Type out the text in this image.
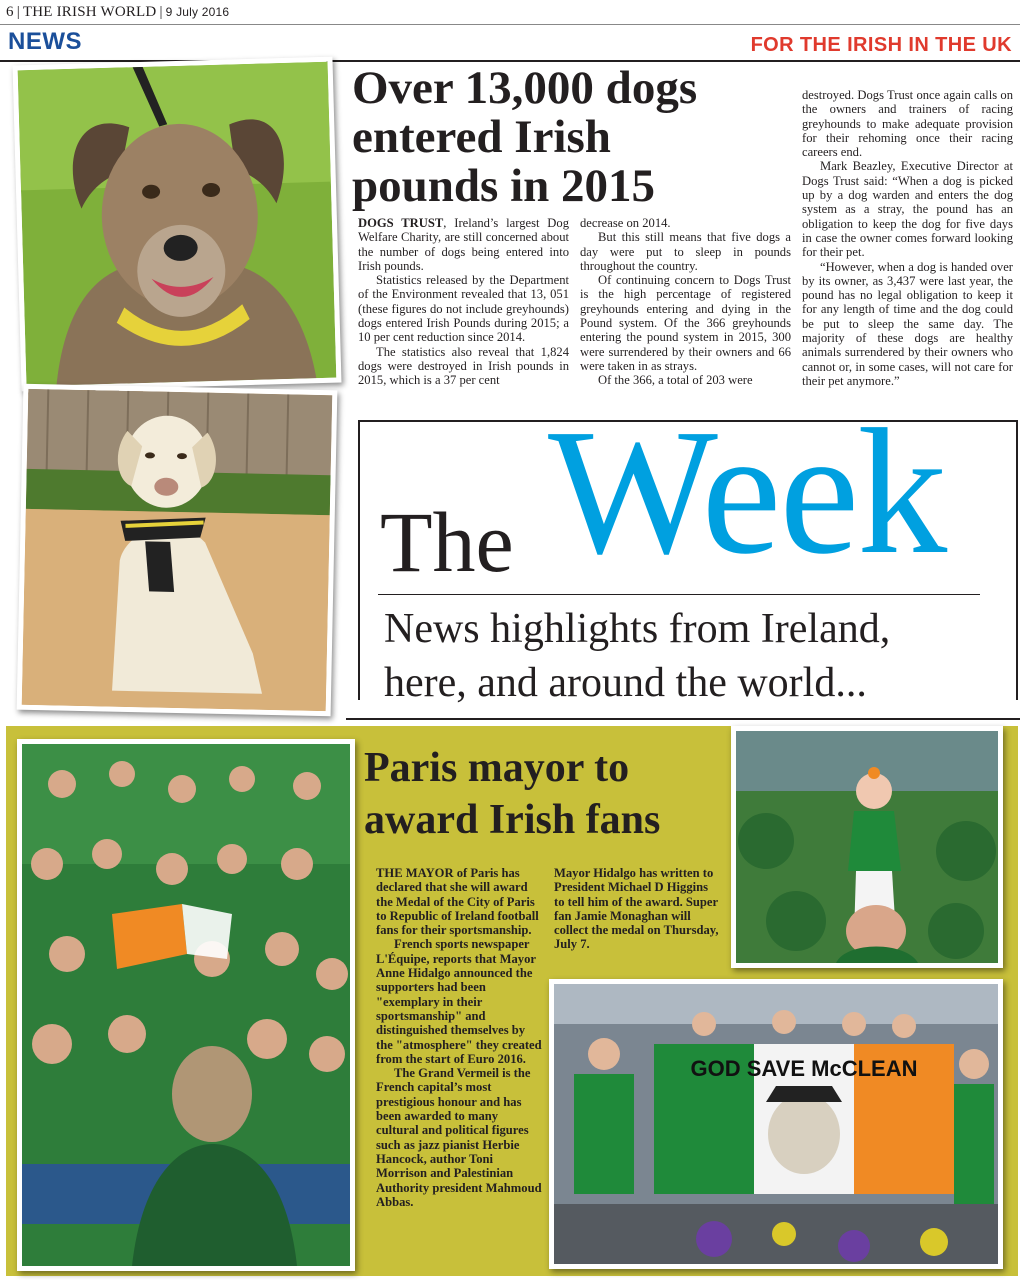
6 | THE IRISH WORLD | 9 July 2016
NEWS	FOR THE IRISH IN THE UK
Over 13,000 dogs
entered Irish
pounds in 2015

DOGS TRUST, Ireland’s largest Dog Welfare Charity, are still concerned about the number of dogs being entered into Irish pounds.

Statistics released by the Department of the Environment revealed that 13, 051 (these figures do not include greyhounds) dogs entered Irish Pounds during 2015; a 10 per cent reduction since 2014.

The statistics also reveal that 1,824 dogs were destroyed in Irish pounds in 2015, which is a 37 per cent

decrease on 2014.

But this still means that five dogs a day were put to sleep in pounds throughout the country.

Of continuing concern to Dogs Trust is the high percentage of registered greyhounds entering and dying in the Pound system. Of the 366 greyhounds entering the pound system in 2015, 300 were surrendered by their owners and 66 were taken in as strays.

Of the 366, a total of 203 were

destroyed. Dogs Trust once again calls on the owners and trainers of racing greyhounds to make adequate provision for their rehoming once their racing careers end.

Mark Beazley, Executive Director at Dogs Trust said: “When a dog is picked up by a dog warden and enters the dog system as a stray, the pound has an obligation to keep the dog for five days in case the owner comes forward looking for their pet.

“However, when a dog is handed over by its owner, as 3,437 were last year, the pound has no legal obligation to keep it for any length of time and the dog could be put to sleep the same day. The majority of these dogs are healthy animals surrendered by their owners who cannot or, in some cases, will not care for their pet anymore.”

The Week
News highlights from Ireland,
here, and around the world...
Paris mayor to
award Irish fans

THE MAYOR of Paris has declared that she will award the Medal of the City of Paris to Republic of Ireland football fans for their sportsmanship.

French sports newspaper L'Équipe, reports that Mayor Anne Hidalgo announced the supporters had been "exemplary in their sportsmanship" and distinguished themselves by the "atmosphere" they created from the start of Euro 2016.

The Grand Vermeil is the French capital’s most prestigious honour and has been awarded to many cultural and political figures such as jazz pianist Herbie Hancock, author Toni Morrison and Palestinian Authority president Mahmoud Abbas.

Mayor Hidalgo has written to President Michael D Higgins to tell him of the award. Super fan Jamie Monaghan will collect the medal on Thursday, July 7.

GOD SAVE McCLEAN
